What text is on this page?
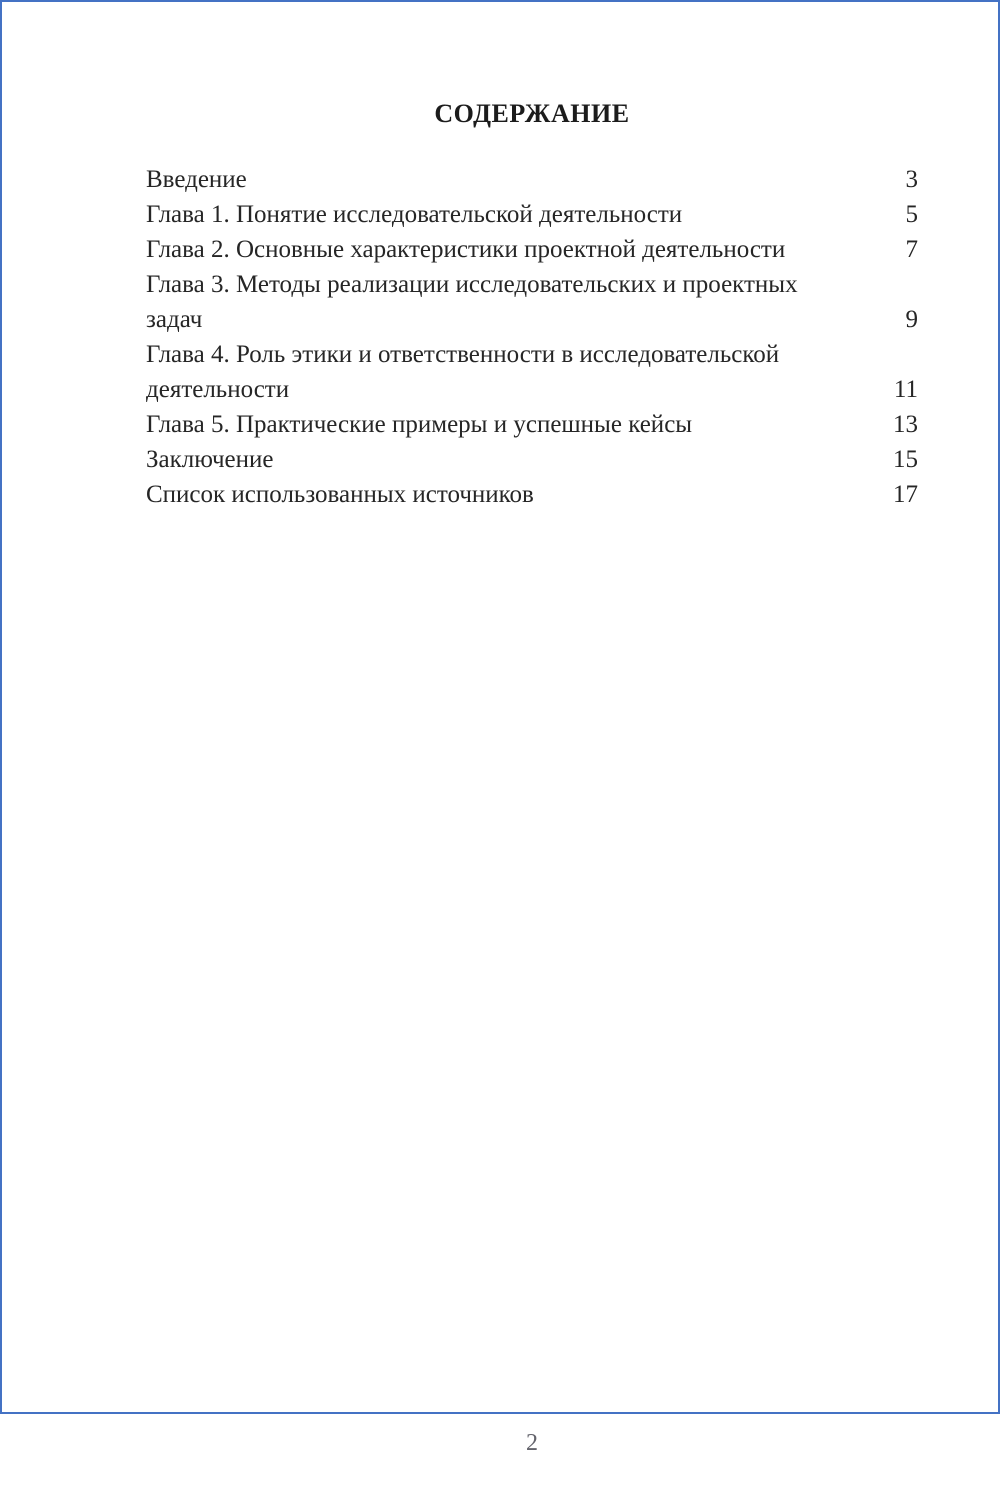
СОДЕРЖАНИЕ
Введение	3
Глава 1. Понятие исследовательской деятельности	5
Глава 2. Основные характеристики проектной деятельности	7
Глава 3. Методы реализации исследовательских и проектных задач	9
Глава 4. Роль этики и ответственности в исследовательской деятельности	11
Глава 5. Практические примеры и успешные кейсы	13
Заключение	15
Список использованных источников	17
2
